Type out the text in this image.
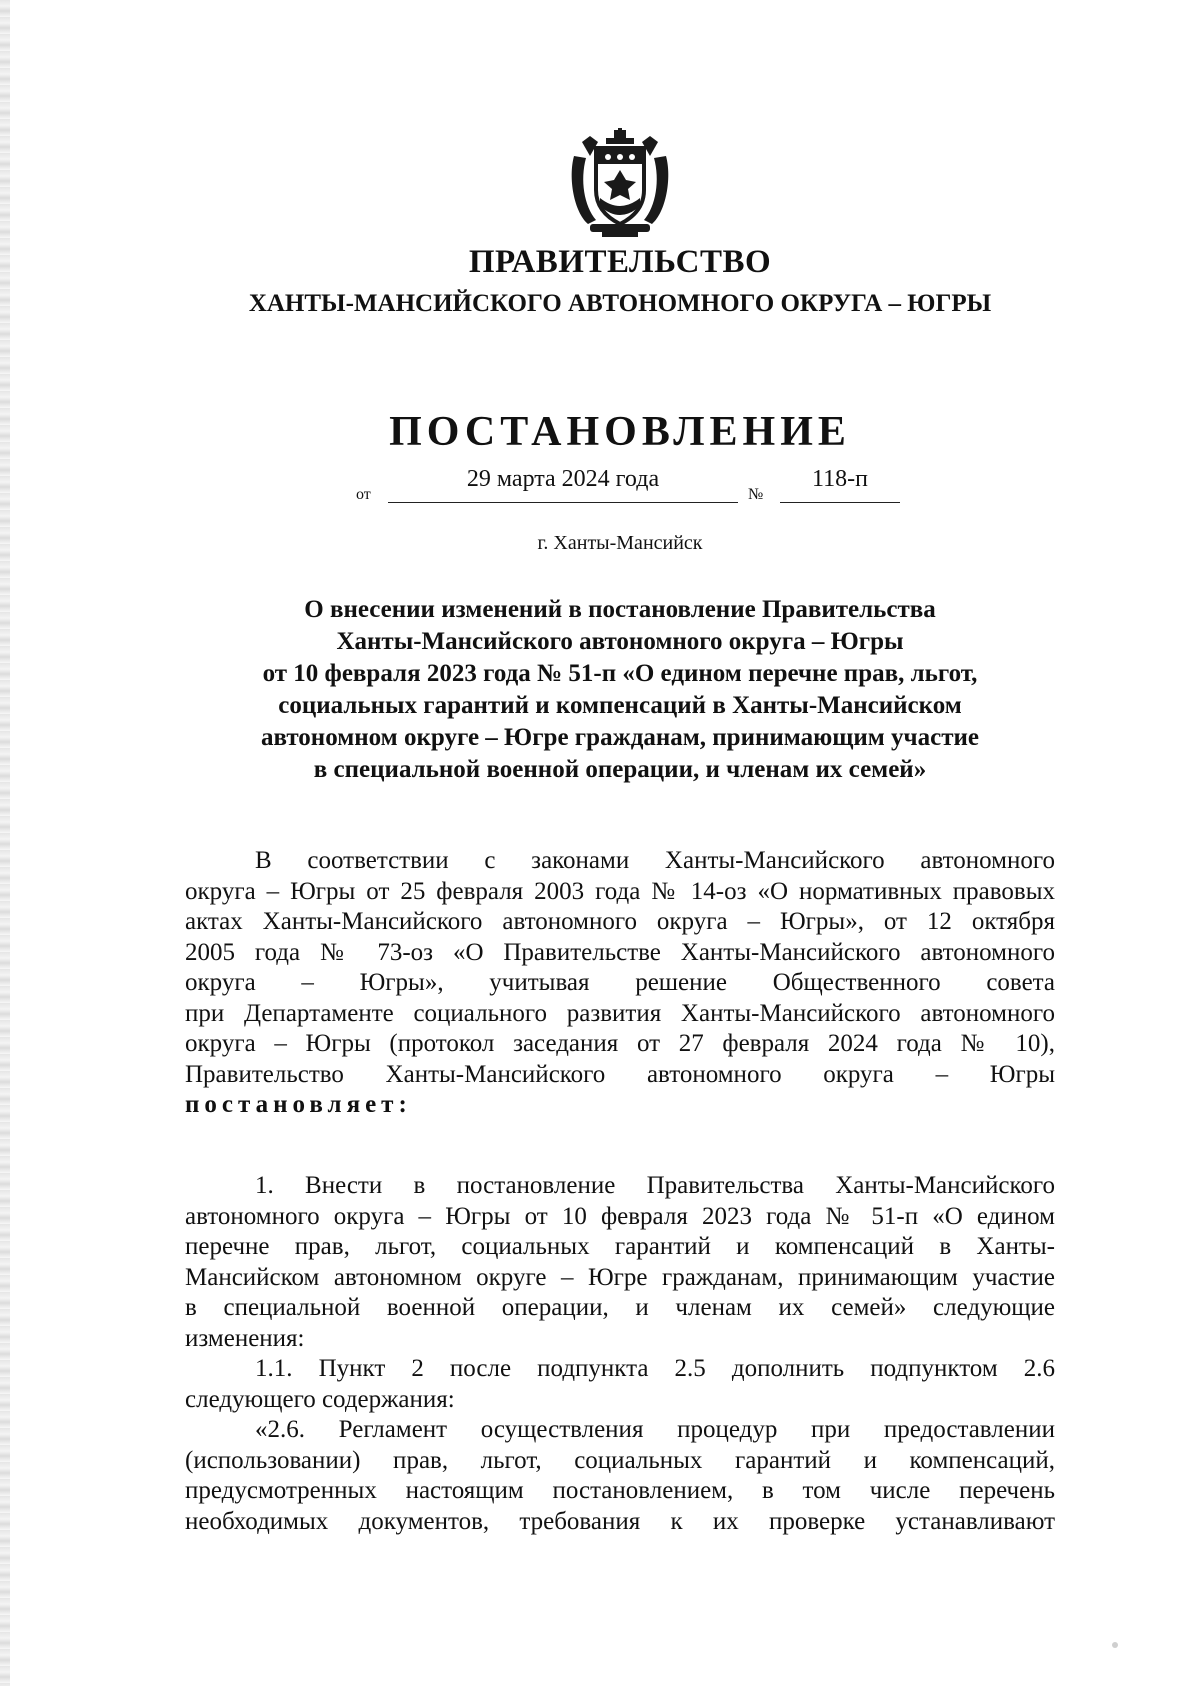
ПРАВИТЕЛЬСТВО
ХАНТЫ-МАНСИЙСКОГО АВТОНОМНОГО ОКРУГА – ЮГРЫ
ПОСТАНОВЛЕНИЕ
от
29 марта 2024 года
№
118-п
г. Ханты-Мансийск
О внесении изменений в постановление Правительства
Ханты-Мансийского автономного округа – Югры
от 10 февраля 2023 года № 51-п «О едином перечне прав, льгот,
социальных гарантий и компенсаций в Ханты-Мансийском
автономном округе – Югре гражданам, принимающим участие
в специальной военной операции, и членам их семей»
В соответствии с законами Ханты-Мансийского автономного
округа – Югры от 25 февраля 2003 года № 14-оз «О нормативных правовых
актах Ханты-Мансийского автономного округа – Югры», от 12 октября
2005 года № 73-оз «О Правительстве Ханты-Мансийского автономного
округа – Югры», учитывая решение Общественного совета
при Департаменте социального развития Ханты-Мансийского автономного
округа – Югры (протокол заседания от 27 февраля 2024 года № 10),
Правительство Ханты-Мансийского автономного округа – Югры
постановляет:
1. Внести в постановление Правительства Ханты-Мансийского
автономного округа – Югры от 10 февраля 2023 года № 51-п «О едином
перечне прав, льгот, социальных гарантий и компенсаций в Ханты-
Мансийском автономном округе – Югре гражданам, принимающим участие
в специальной военной операции, и членам их семей» следующие
изменения:
1.1. Пункт 2 после подпункта 2.5 дополнить подпунктом 2.6
следующего содержания:
«2.6. Регламент осуществления процедур при предоставлении
(использовании) прав, льгот, социальных гарантий и компенсаций,
предусмотренных настоящим постановлением, в том числе перечень
необходимых документов, требования к их проверке устанавливают
